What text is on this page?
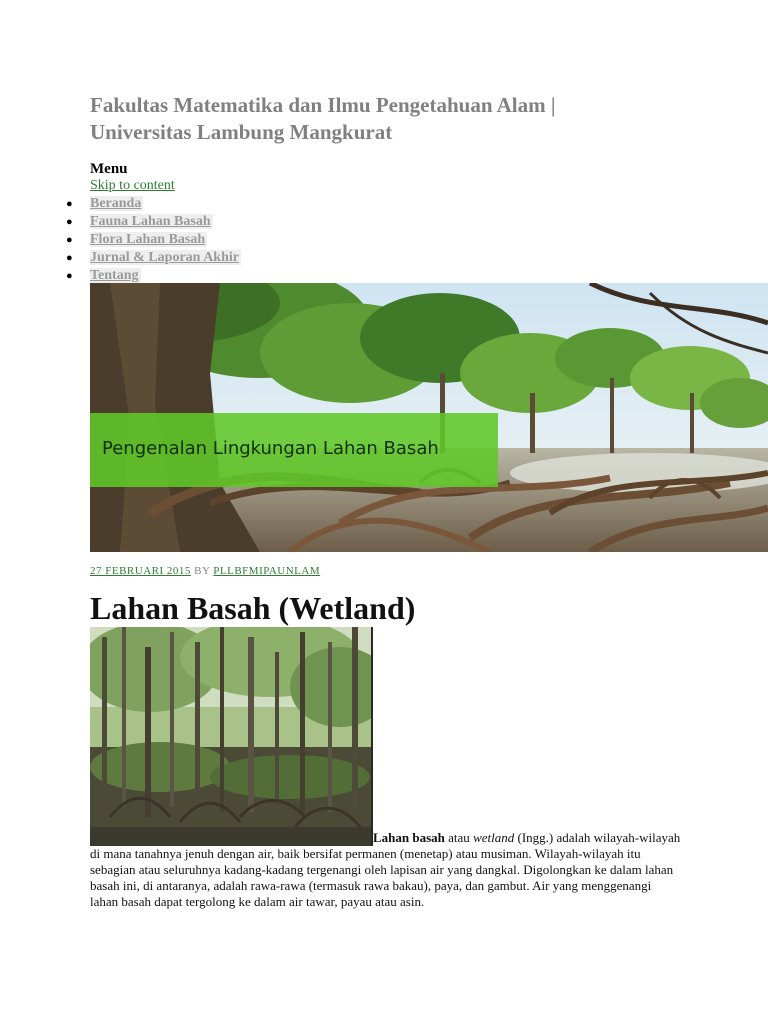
Fakultas Matematika dan Ilmu Pengetahuan Alam |
Universitas Lambung Mangkurat
Menu
Skip to content
● Beranda
● Fauna Lahan Basah
● Flora Lahan Basah
● Jurnal & Laporan Akhir
● Tentang
Pengenalan Lingkungan Lahan Basah
27 FEBRUARI 2015 BY PLLBFMIPAUNLAM
Lahan Basah (Wetland)
Lahan basah atau wetland (Ingg.) adalah wilayah-wilayah di mana tanahnya jenuh dengan air, baik bersifat permanen (menetap) atau musiman. Wilayah-wilayah itu sebagian atau seluruhnya kadang-kadang tergenangi oleh lapisan air yang dangkal. Digolongkan ke dalam lahan basah ini, di antaranya, adalah rawa-rawa (termasuk rawa bakau), paya, dan gambut. Air yang menggenangi lahan basah dapat tergolong ke dalam air tawar, payau atau asin.
